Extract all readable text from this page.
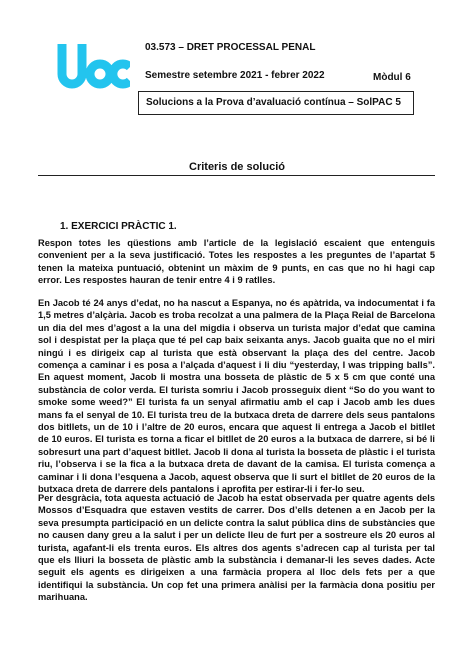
03.573 – DRET PROCESSAL PENAL
Semestre setembre 2021 - febrer 2022	Mòdul 6
Solucions a la Prova d’avaluació contínua – SolPAC 5
Criteris de solució
1. EXERCICI PRÀCTIC 1.

Respon totes les qüestions amb l’article de la legislació escaient que entenguis convenient per a la seva justificació. Totes les respostes a les preguntes de l’apartat 5 tenen la mateixa puntuació, obtenint un màxim de 9 punts, en cas que no hi hagi cap error. Les respostes hauran de tenir entre 4 i 9 ratlles.

En Jacob té 24 anys d’edat, no ha nascut a Espanya, no és apàtrida, va indocumentat i fa 1,5 metres d’alçària. Jacob es troba recolzat a una palmera de la Plaça Reial de Barcelona un dia del mes d’agost a la una del migdia i observa un turista major d’edat que camina sol i despistat per la plaça que té pel cap baix seixanta anys. Jacob guaita que no el miri ningú i es dirigeix cap al turista que està observant la plaça des del centre. Jacob comença a caminar i es posa a l’alçada d’aquest i li diu “yesterday, I was tripping balls”. En aquest moment, Jacob li mostra una bosseta de plàstic de 5 x 5 cm que conté una substància de color verda. El turista somriu i Jacob prosseguix dient “So do you want to smoke some weed?” El turista fa un senyal afirmatiu amb el cap i Jacob amb les dues mans fa el senyal de 10. El turista treu de la butxaca dreta de darrere dels seus pantalons dos bitllets, un de 10 i l’altre de 20 euros, encara que aquest li entrega a Jacob el bitllet de 10 euros. El turista es torna a ficar el bitllet de 20 euros a la butxaca de darrere, si bé li sobresurt una part d’aquest bitllet. Jacob li dona al turista la bosseta de plàstic i el turista riu, l’observa i se la fica a la butxaca dreta de davant de la camisa. El turista comença a caminar i li dona l’esquena a Jacob, aquest observa que li surt el bitllet de 20 euros de la butxaca dreta de darrere dels pantalons i aprofita per estirar-li i fer-lo seu.

Per desgràcia, tota aquesta actuació de Jacob ha estat observada per quatre agents dels Mossos d’Esquadra que estaven vestits de carrer. Dos d’ells detenen a en Jacob per la seva presumpta participació en un delicte contra la salut pública dins de substàncies que no causen dany greu a la salut i per un delicte lleu de furt per a sostreure els 20 euros al turista, agafant-li els trenta euros. Els altres dos agents s’adrecen cap al turista per tal que els lliuri la bosseta de plàstic amb la substància i demanar-li les seves dades. Acte seguit els agents es dirigeixen a una farmàcia propera al lloc dels fets per a que identifiqui la substància. Un cop fet una primera anàlisi per la farmàcia dona positiu per marihuana.
